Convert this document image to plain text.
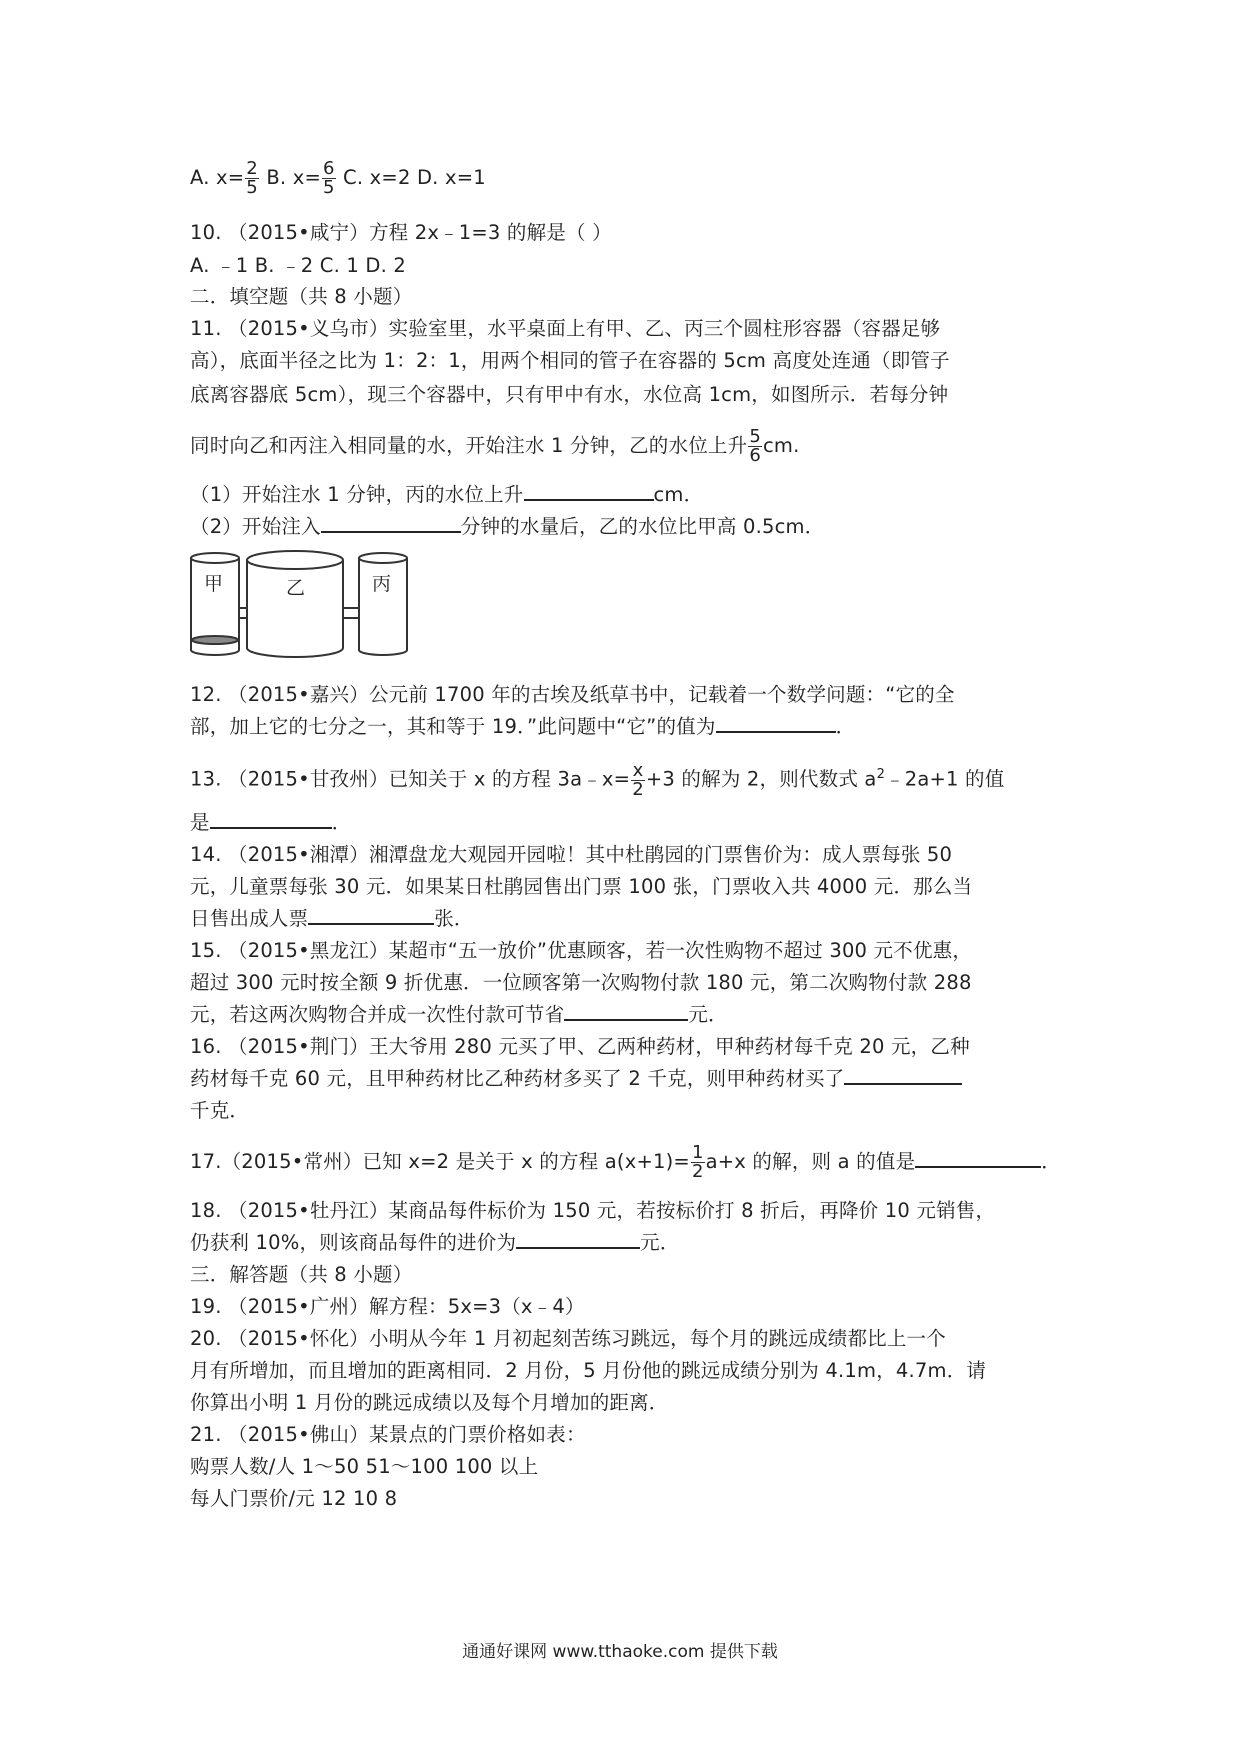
A. $x= \frac{2}{5} B$. $x= \frac{6}{5} C$. x=2 D. x=1
10. （2015•咸宁）方程 2x﹣1=3 的解是（ ）
A. ﹣1 B. ﹣2 C. 1 D. 2
二．填空题（共 8 小题）
11. （2015•义乌市）实验室里，水平桌面上有甲、乙、丙三个圆柱形容器（容器足够
高），底面半径之比为 1：2：1，用两个相同的管子在容器的 5cm 高度处连通（即管子
底离容器底 5cm），现三个容器中，只有甲中有水，水位高 1cm，如图所示．若每分钟
同时向乙和丙注入相同量的水，开始注水 1 分钟，乙的水位上升 $\frac{5}{6}$ cm.
（1）开始注水 1 分钟，丙的水位上升	cm．
（2）开始注入	分钟的水量后，乙的水位比甲高 0.5cm．
甲	乙	丙
12. （2015•嘉兴）公元前 1700 年的古埃及纸草书中，记载着一个数学问题：“它的全
部，加上它的七分之一，其和等于 19．”此问题中“它”的值为	．
13. （2015•甘孜州）已知关于 x 的方程 3a﹣x= $\frac{x}{2} +3$ 的解为 2，则代数式 $a^2﹣2a+1$ 的值
是	．
14. （2015•湘潭）湘潭盘龙大观园开园啦！其中杜鹃园的门票售价为：成人票每张 50
元，儿童票每张 30 元．如果某日杜鹃园售出门票 100 张，门票收入共 4000 元．那么当
日售出成人票	张．
15. （2015•黑龙江）某超市“五一放价”优惠顾客，若一次性购物不超过 300 元不优惠，
超过 300 元时按全额 9 折优惠．一位顾客第一次购物付款 180 元，第二次购物付款 288
元，若这两次购物合并成一次性付款可节省	元．
16. （2015•荆门）王大爷用 280 元买了甲、乙两种药材，甲种药材每千克 20 元，乙种
药材每千克 60 元，且甲种药材比乙种药材多买了 2 千克，则甲种药材买了
千克．
17.（2015•常州）已知 x=2 是关于 x 的方程 $a(x+1)= \frac{1}{2} a+x$ 的解，则 a 的值是	．
18. （2015•牡丹江）某商品每件标价为 150 元，若按标价打 8 折后，再降价 10 元销售，
仍获利 10%，则该商品每件的进价为	元．
三．解答题（共 8 小题）
19. （2015•广州）解方程：5x=3（x﹣4）
20. （2015•怀化）小明从今年 1 月初起刻苦练习跳远，每个月的跳远成绩都比上一个
月有所增加，而且增加的距离相同．2 月份，5 月份他的跳远成绩分别为 4.1m，4.7m．请
你算出小明 1 月份的跳远成绩以及每个月增加的距离．
21. （2015•佛山）某景点的门票价格如表：
购票人数/人 1～50 51～100 100 以上
每人门票价/元 12 10 8
通通好课网 www.tthaoke.com 提供下载
